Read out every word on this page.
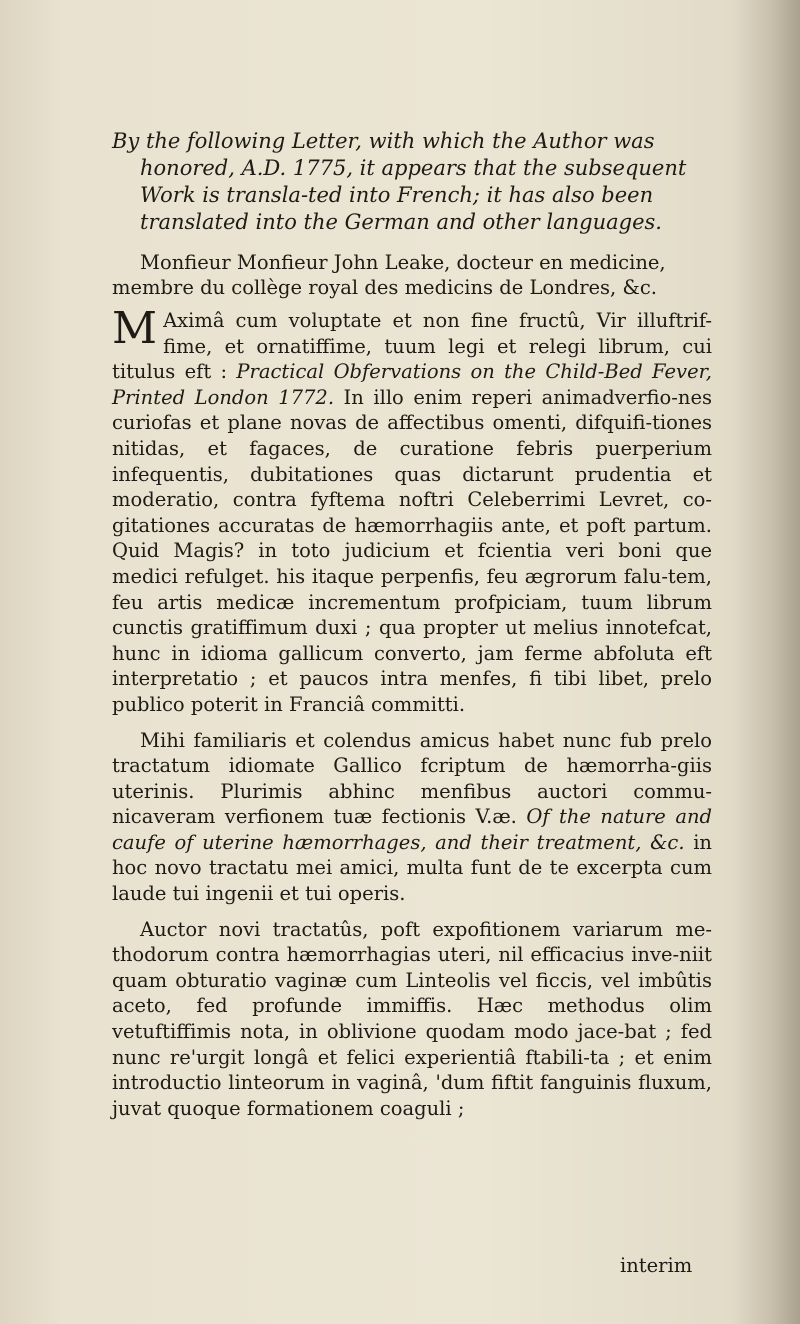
By the following Letter, with which the Author was honored, A.D. 1775, it appears that the subsequent Work is transla-ted into French; it has also been translated into the German and other languages.

Monfieur Monfieur John Leake, docteur en medicine, membre du collège royal des medicins de Londres, &c.

M Aximâ cum voluptate et non fine fructû, Vir illuftrif-fime, et ornatiffime, tuum legi et relegi librum, cui titulus eft : Practical Obfervations on the Child-Bed Fever, Printed London 1772. In illo enim reperi animadverfio-nes curiofas et plane novas de affectibus omenti, difquifi-tiones nitidas, et fagaces, de curatione febris puerperium infequentis, dubitationes quas dictarunt prudentia et moderatio, contra fyftema noftri Celeberrimi Levret, co-gitationes accuratas de hæmorrhagiis ante, et poft partum. Quid Magis? in toto judicium et fcientia veri boni que medici refulget. his itaque perpenfis, feu ægrorum falu-tem, feu artis medicæ incrementum profpiciam, tuum librum cunctis gratiffimum duxi ; qua propter ut melius innotefcat, hunc in idioma gallicum converto, jam ferme abfoluta eft interpretatio ; et paucos intra menfes, fi tibi libet, prelo publico poterit in Franciâ committi.

Mihi familiaris et colendus amicus habet nunc fub prelo tractatum idiomate Gallico fcriptum de hæmorrha-giis uterinis. Plurimis abhinc menfibus auctori commu-nicaveram verfionem tuæ fectionis V.æ. Of the nature and caufe of uterine hæmorrhages, and their treatment, &c. in hoc novo tractatu mei amici, multa funt de te excerpta cum laude tui ingenii et tui operis.

Auctor novi tractatûs, poft expofitionem variarum me-thodorum contra hæmorrhagias uteri, nil efficacius inve-niit quam obturatio vaginæ cum Linteolis vel ficcis, vel imbûtis aceto, fed profunde immiffis. Hæc methodus olim vetuftiffimis nota, in oblivione quodam modo jace-bat ; fed nunc re'urgit longâ et felici experientiâ ftabili-ta ; et enim introductio linteorum in vaginâ, 'dum fiftit fanguinis fluxum, juvat quoque formationem coaguli ;

interim
